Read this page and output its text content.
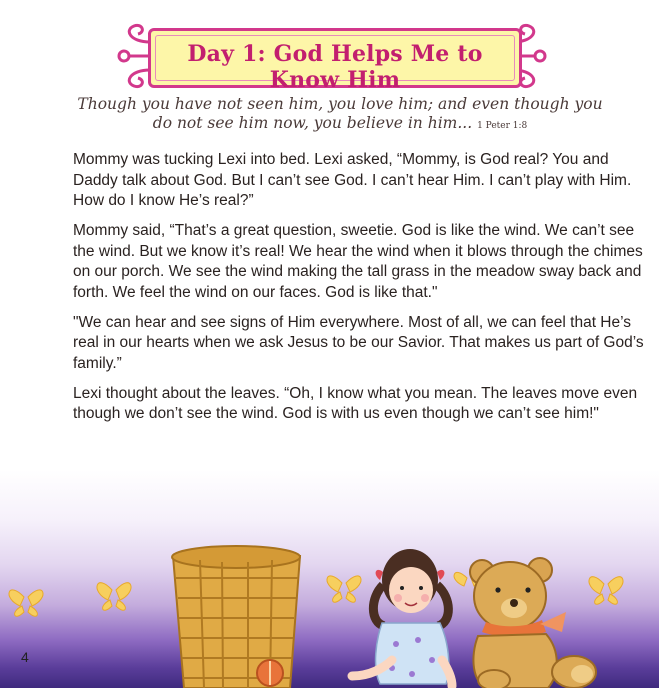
Day 1: God Helps Me to Know Him
Though you have not seen him, you love him; and even though you do not see him now, you believe in him... 1 Peter 1:8

Mommy was tucking Lexi into bed. Lexi asked, “Mommy, is God real? You and Daddy talk about God. But I can’t see God. I can’t hear Him. I can’t play with Him. How do I know He’s real?”

Mommy said, “That’s a great question, sweetie. God is like the wind. We can’t see the wind. But we know it’s real! We hear the wind when it blows through the chimes on our porch. We see the wind making the tall grass in the meadow sway back and forth. We feel the wind on our faces. God is like that."

"We can hear and see signs of Him everywhere. Most of all, we can feel that He’s real in our hearts when we ask Jesus to be our Savior. That makes us part of God’s family.”

Lexi thought about the leaves. “Oh, I know what you mean. The leaves move even though we don’t see the wind. God is with us even though we can’t see him!"

4
